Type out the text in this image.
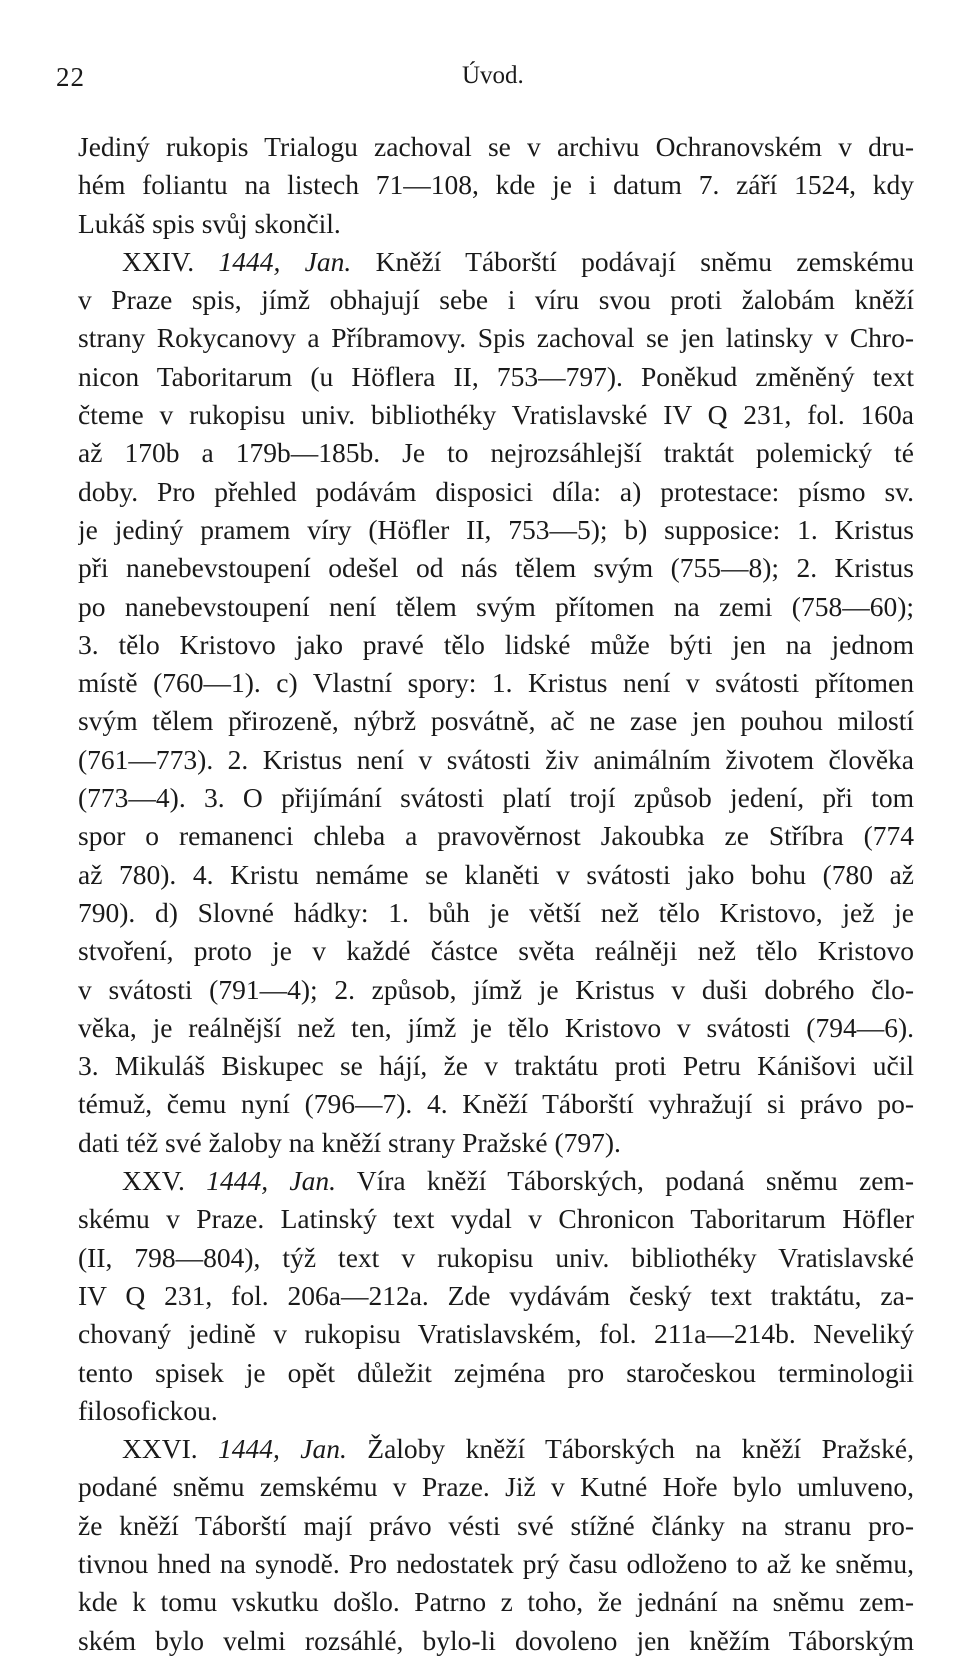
22	Úvod.
Jediný rukopis Trialogu zachoval se v archivu Ochranovském v dru-
hém foliantu na listech 71—108, kde je i datum 7. září 1524, kdy
Lukáš spis svůj skončil.
XXIV. 1444, Jan. Kněží Táborští podávají sněmu zemskému
v Praze spis, jímž obhajují sebe i víru svou proti žalobám kněží
strany Rokycanovy a Příbramovy. Spis zachoval se jen latinsky v Chro-
nicon Taboritarum (u Höflera II, 753—797). Poněkud změněný text
čteme v rukopisu univ. bibliothéky Vratislavské IV Q 231, fol. 160a
až 170b a 179b—185b. Je to nejrozsáhlejší traktát polemický té
doby. Pro přehled podávám disposici díla: a) protestace: písmo sv.
je jediný pramem víry (Höfler II, 753—5); b) supposice: 1. Kristus
při nanebevstoupení odešel od nás tělem svým (755—8); 2. Kristus
po nanebevstoupení není tělem svým přítomen na zemi (758—60);
3. tělo Kristovo jako pravé tělo lidské může býti jen na jednom
místě (760—1). c) Vlastní spory: 1. Kristus není v svátosti přítomen
svým tělem přirozeně, nýbrž posvátně, ač ne zase jen pouhou milostí
(761—773). 2. Kristus není v svátosti živ animálním životem člověka
(773—4). 3. O přijímání svátosti platí trojí způsob jedení, při tom
spor o remanenci chleba a pravověrnost Jakoubka ze Stříbra (774
až 780). 4. Kristu nemáme se klaněti v svátosti jako bohu (780 až
790). d) Slovné hádky: 1. bůh je větší než tělo Kristovo, jež je
stvoření, proto je v každé částce světa reálněji než tělo Kristovo
v svátosti (791—4); 2. způsob, jímž je Kristus v duši dobrého člo-
věka, je reálnější než ten, jímž je tělo Kristovo v svátosti (794—6).
3. Mikuláš Biskupec se hájí, že v traktátu proti Petru Kánišovi učil
témuž, čemu nyní (796—7). 4. Kněží Táborští vyhražují si právo po-
dati též své žaloby na kněží strany Pražské (797).
XXV. 1444, Jan. Víra kněží Táborských, podaná sněmu zem-
skému v Praze. Latinský text vydal v Chronicon Taboritarum Höfler
(II, 798—804), týž text v rukopisu univ. bibliothéky Vratislavské
IV Q 231, fol. 206a—212a. Zde vydávám český text traktátu, za-
chovaný jedině v rukopisu Vratislavském, fol. 211a—214b. Neveliký
tento spisek je opět důležit zejména pro staročeskou terminologii
filosofickou.
XXVI. 1444, Jan. Žaloby kněží Táborských na kněží Pražské,
podané sněmu zemskému v Praze. Již v Kutné Hoře bylo umluveno,
že kněží Táborští mají právo vésti své stížné články na stranu pro-
tivnou hned na synodě. Pro nedostatek prý času odloženo to až ke sněmu,
kde k tomu vskutku došlo. Patrno z toho, že jednání na sněmu zem-
ském bylo velmi rozsáhlé, bylo-li dovoleno jen kněžím Táborským
